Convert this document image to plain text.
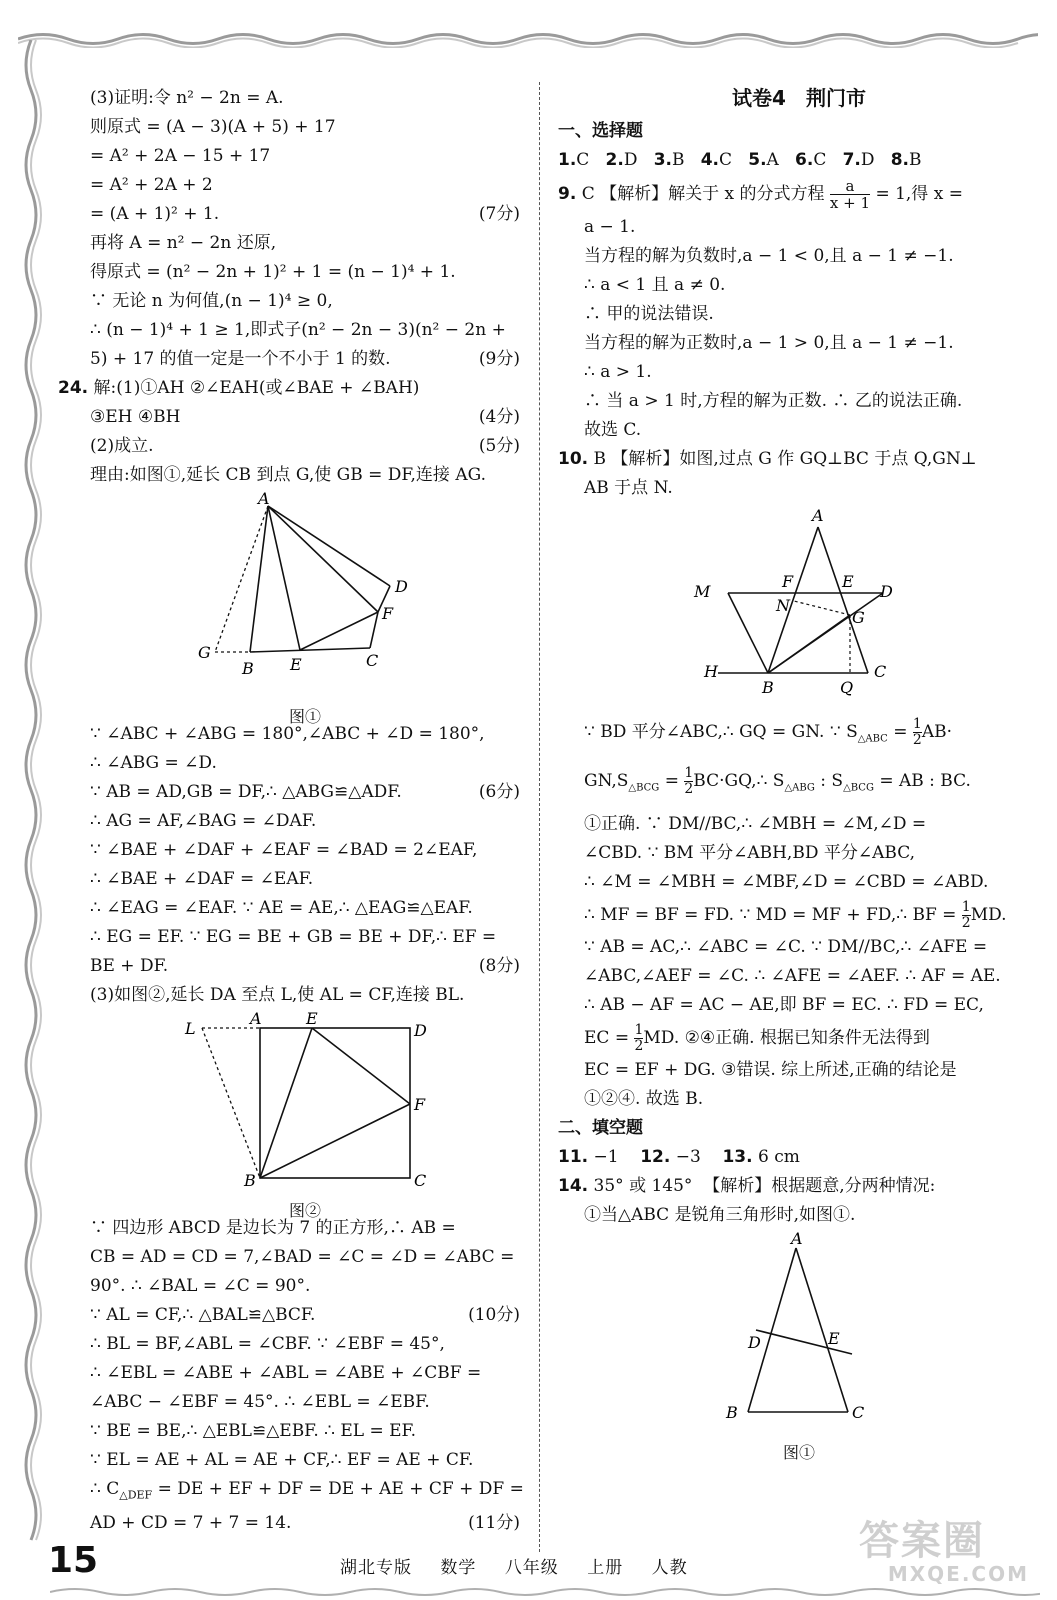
(3)证明:令 n² − 2n = A.
则原式 = (A − 3)(A + 5) + 17
= A² + 2A − 15 + 17
= A² + 2A + 2
= (A + 1)² + 1.	(7分)
再将 A = n² − 2n 还原,
得原式 = (n² − 2n + 1)² + 1 = (n − 1)⁴ + 1.
∵ 无论 n 为何值,(n − 1)⁴ ≥ 0,
∴ (n − 1)⁴ + 1 ≥ 1,即式子(n² − 2n − 3)(n² − 2n +
5) + 17 的值一定是一个不小于 1 的数.	(9分)
24. 解:(1)①AH ②∠EAH(或∠BAE + ∠BAH)
③EH ④BH	(4分)
(2)成立.	(5分)
理由:如图①,延长 CB 到点 G,使 GB = DF,连接 AG.
A
D
F
G
B E	C
图①
∵ ∠ABC + ∠ABG = 180°,∠ABC + ∠D = 180°,
∴ ∠ABG = ∠D.
∵ AB = AD,GB = DF,∴ △ABG≌△ADF.	(6分)
∴ AG = AF,∠BAG = ∠DAF.
∵ ∠BAE + ∠DAF + ∠EAF = ∠BAD = 2∠EAF,
∴ ∠BAE + ∠DAF = ∠EAF.
∴ ∠EAG = ∠EAF. ∵ AE = AE,∴ △EAG≌△EAF.
∴ EG = EF. ∵ EG = BE + GB = BE + DF,∴ EF =
BE + DF.	(8分)
(3)如图②,延长 DA 至点 L,使 AL = CF,连接 BL.
L
A	E
D
F
B	C
图②
∵ 四边形 ABCD 是边长为 7 的正方形,∴ AB =
CB = AD = CD = 7,∠BAD = ∠C = ∠D = ∠ABC =
90°. ∴ ∠BAL = ∠C = 90°.
∵ AL = CF,∴ △BAL≌△BCF.	(10分)
∴ BL = BF,∠ABL = ∠CBF. ∵ ∠EBF = 45°,
∴ ∠EBL = ∠ABE + ∠ABL = ∠ABE + ∠CBF =
∠ABC − ∠EBF = 45°. ∴ ∠EBL = ∠EBF.
∵ BE = BE,∴ △EBL≌△EBF. ∴ EL = EF.
∵ EL = AE + AL = AE + CF,∴ EF = AE + CF.
∴ $C_{\triangle DEF}$ = DE + EF + DF = DE + AE + CF + DF =
AD + CD = 7 + 7 = 14.	(11分)
试卷4　荆门市
一、选择题
1.C 2.D 3.B 4.C 5.A 6.C 7.D 8.B
9. C 【解析】解关于 x 的分式方程 $\frac{a}{x + 1} = 1$,得 x =
a − 1.
当方程的解为负数时,a − 1 < 0,且 a − 1 ≠ −1.
∴ a < 1 且 a ≠ 0.
∴ 甲的说法错误.
当方程的解为正数时,a − 1 > 0,且 a − 1 ≠ −1.
∴ a > 1.
∴ 当 a > 1 时,方程的解为正数. ∴ 乙的说法正确.
故选 C.
10. B 【解析】如图,过点 G 作 GQ⊥BC 于点 Q,GN⊥
AB 于点 N.
A
M
F	E
D
N
G
H
B	Q
C
∵ BD 平分∠ABC,∴ GQ = GN. ∵ $S_{\triangle ABC} = \frac{1}{2} AB\cdot$
$GN,S_{\triangle BCG} = \frac{1}{2}$ BC·GQ,∴ $S_{\triangle ABG}$ : $S_{\triangle BCG}$ = AB : BC.
①正确. ∵ DM//BC,∴ ∠MBH = ∠M,∠D =
∠CBD. ∵ BM 平分∠ABH,BD 平分∠ABC,
∴ ∠M = ∠MBH = ∠MBF,∠D = ∠CBD = ∠ABD.
∴ MF = BF = FD. ∵ MD = MF + FD,∴ BF = $\frac{1}{2}$ MD.
∵ AB = AC,∴ ∠ABC = ∠C. ∵ DM//BC,∴ ∠AFE =
∠ABC,∠AEF = ∠C. ∴ ∠AFE = ∠AEF. ∴ AF = AE.
∴ AB − AF = AC − AE,即 BF = EC. ∴ FD = EC,
EC = $\frac{1}{2}$ MD. ②④正确. 根据已知条件无法得到
EC = EF + DG. ③错误. 综上所述,正确的结论是
①②④. 故选 B.
二、填空题
11. −1 12. −3 13. 6 cm
14. 35° 或 145° 【解析】根据题意,分两种情况:
①当△ABC 是锐角三角形时,如图①.
A
D	E
B	C
图①
15	湖北专版 数学 八年级 上册 人教
答案圈
MXQE.COM
